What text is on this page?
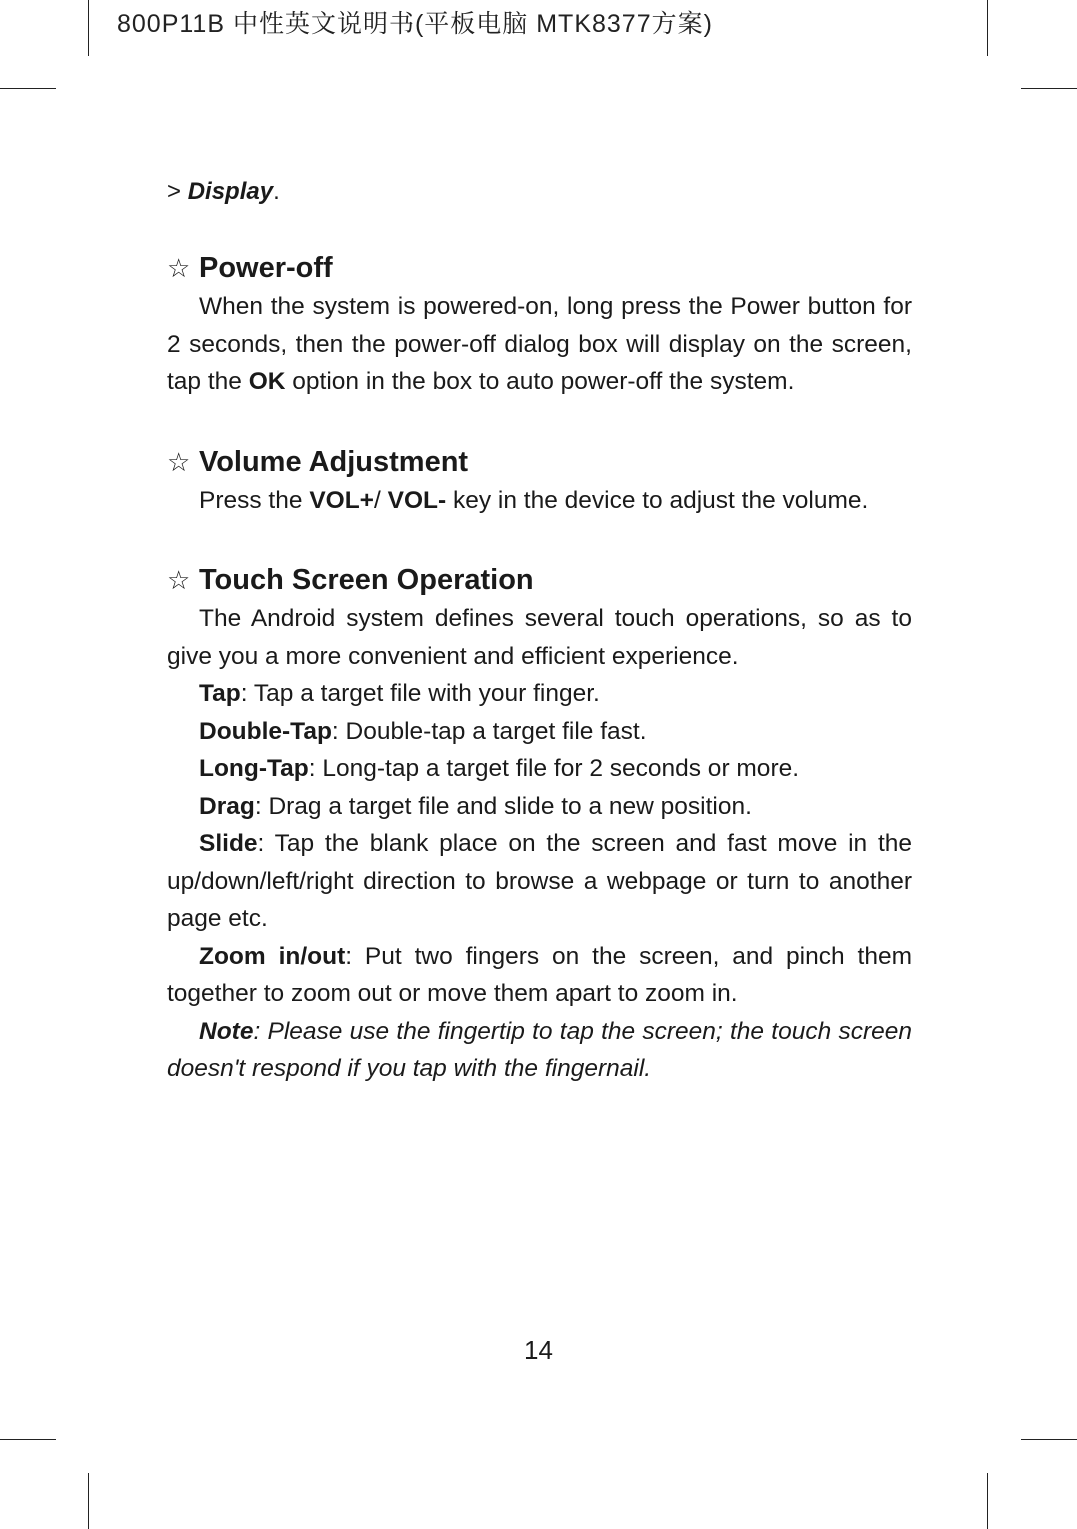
800P11B 中性英文说明书(平板电脑 MTK8377方案)

> Display.

☆ Power-off

When the system is powered-on, long press the Power button for 2 seconds, then the power-off dialog box will display on the screen, tap the OK option in the box to auto power-off the system.

☆ Volume Adjustment

Press the VOL+/ VOL- key in the device to adjust the volume.

☆ Touch Screen Operation

The Android system defines several touch operations, so as to give you a more convenient and efficient experience.

Tap: Tap a target file with your finger.

Double-Tap: Double-tap a target file fast.

Long-Tap: Long-tap a target file for 2 seconds or more.

Drag: Drag a target file and slide to a new position.

Slide: Tap the blank place on the screen and fast move in the up/down/left/right direction to browse a webpage or turn to another page etc.

Zoom in/out: Put two fingers on the screen, and pinch them together to zoom out or move them apart to zoom in.

Note: Please use the fingertip to tap the screen; the touch screen doesn't respond if you tap with the fingernail.

14
